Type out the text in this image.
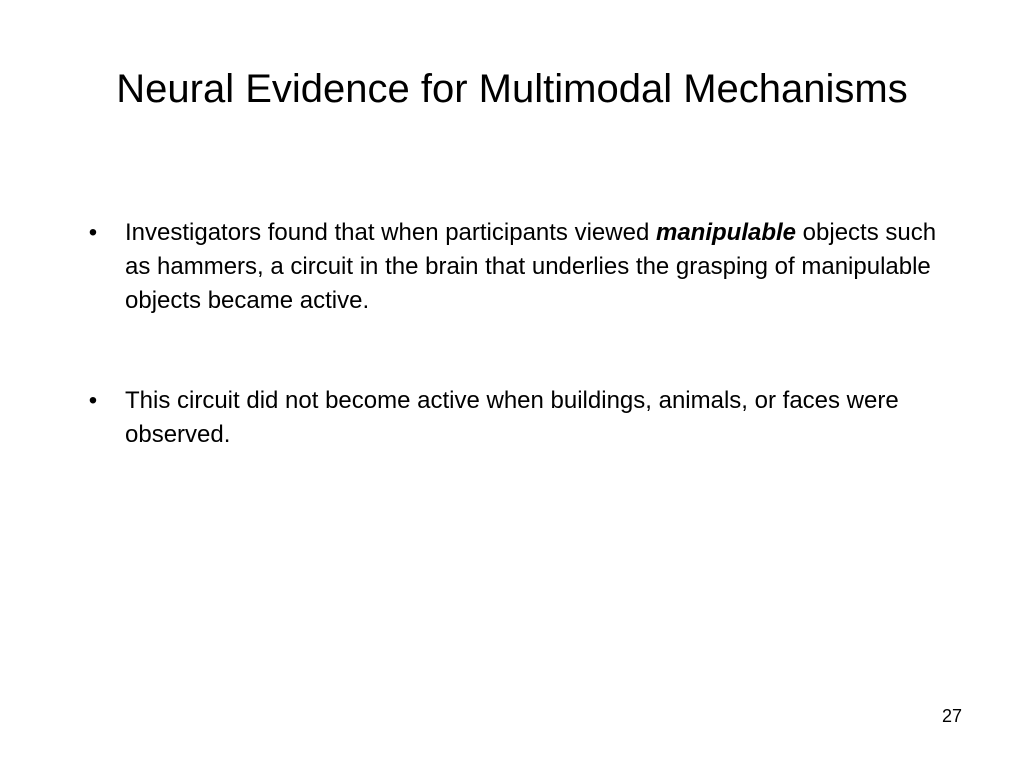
Neural Evidence for Multimodal Mechanisms
• Investigators found that when participants viewed manipulable objects such as hammers, a circuit in the brain that underlies the grasping of manipulable objects became active.
• This circuit did not become active when buildings, animals, or faces were observed.
27
